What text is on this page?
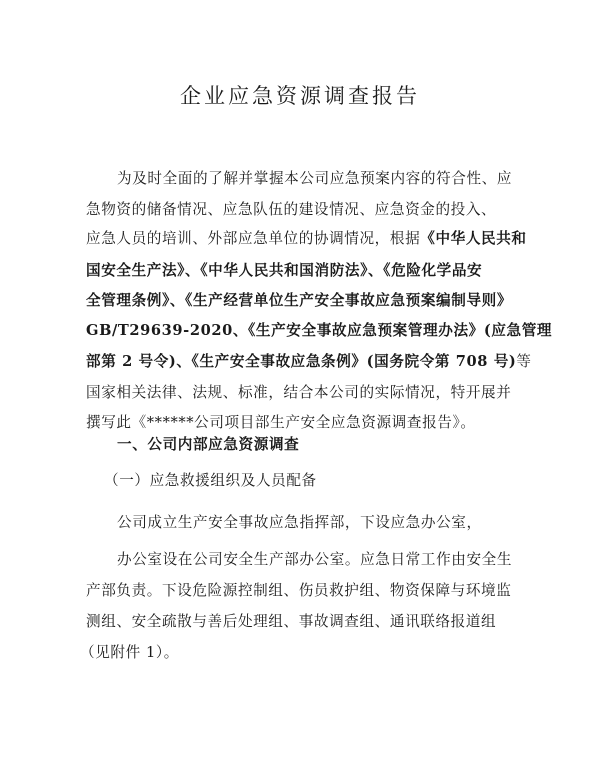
企业应急资源调查报告
为及时全面的了解并掌握本公司应急预案内容的符合性、应
急物资的储备情况、应急队伍的建设情况、应急资金的投入、
应急人员的培训、外部应急单位的协调情况，根据《中华人民共和
国安全生产法》、《中华人民共和国消防法》、《危险化学品安
全管理条例》、《生产经营单位生产安全事故应急预案编制导则》
GB/T29639-2020、《生产安全事故应急预案管理办法》(应急管理
部第 2 号令)、《生产安全事故应急条例》(国务院令第 708 号)等
国家相关法律、法规、标准，结合本公司的实际情况，特开展并
撰写此《******公司项目部生产安全应急资源调查报告》。
一、公司内部应急资源调查
（一）应急救援组织及人员配备
公司成立生产安全事故应急指挥部，下设应急办公室，
办公室设在公司安全生产部办公室。应急日常工作由安全生
产部负责。下设危险源控制组、伤员救护组、物资保障与环境监
测组、安全疏散与善后处理组、事故调查组、通讯联络报道组
（见附件 1）。
